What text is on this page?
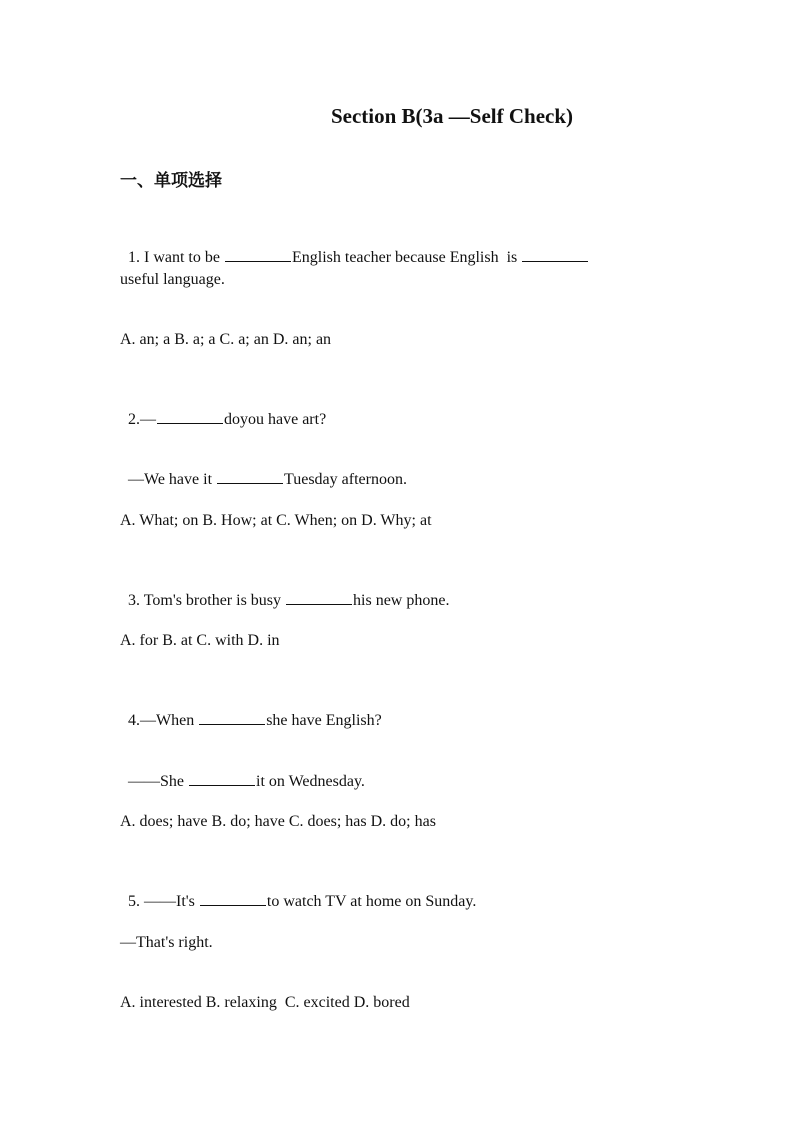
Section B(3a —Self Check)
一、单项选择

1. I want to be	English teacher because English  is

useful language.
A. an; a B. a; a C. a; an D. an; an

2.—	doyou have art?

—We have it	Tuesday afternoon.

A. What; on B. How; at C. When; on D. Why; at

3. Tom's brother is busy	his new phone.

A. for B. at C. with D. in

4.—When	she have English?

——She	it on Wednesday.

A. does; have B. do; have C. does; has D. do; has

5. ——It's	to watch TV at home on Sunday.

—That's right.
A. interested B. relaxing  C. excited D. bored
